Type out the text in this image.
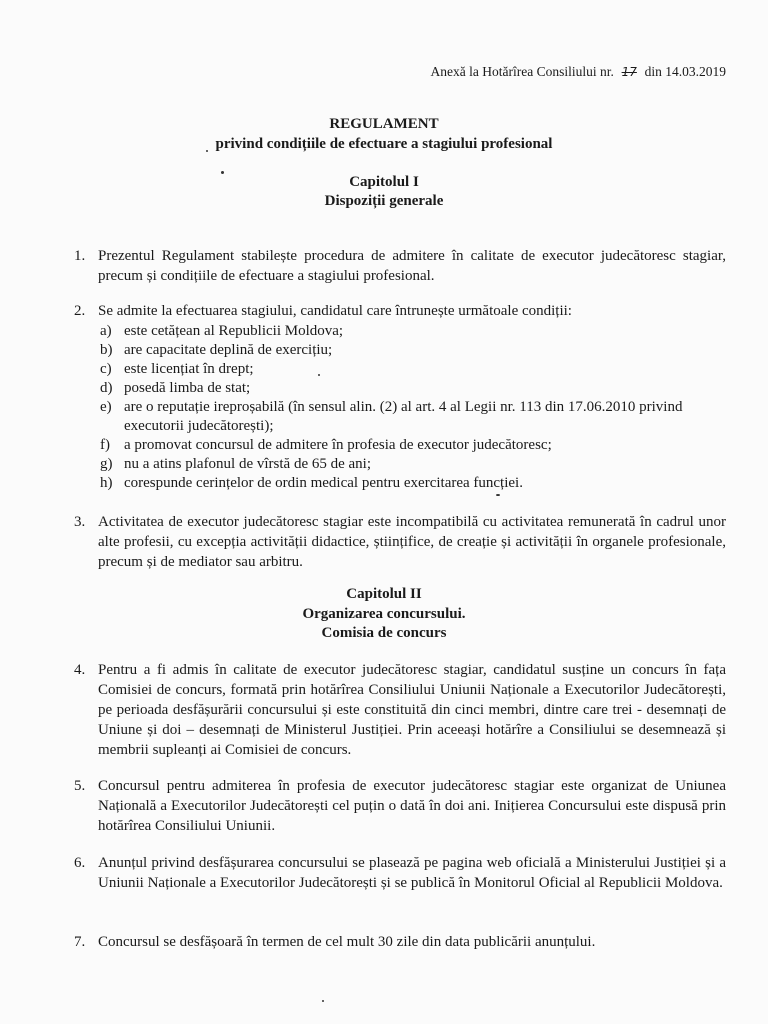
Anexă la Hotărîrea Consiliului nr. 17 din 14.03.2019
REGULAMENT
privind condițiile de efectuare a stagiului profesional
Capitolul I
Dispoziții generale
1. Prezentul Regulament stabilește procedura de admitere în calitate de executor judecătoresc stagiar, precum și condițiile de efectuare a stagiului profesional.
2. Se admite la efectuarea stagiului, candidatul care întrunește următoale condiții:
a) este cetățean al Republicii Moldova;
b) are capacitate deplină de exercițiu;
c) este licențiat în drept;
d) posedă limba de stat;
e) are o reputație ireproșabilă (în sensul alin. (2) al art. 4 al Legii nr. 113 din 17.06.2010 privind executorii judecătorești);
f) a promovat concursul de admitere în profesia de executor judecătoresc;
g) nu a atins plafonul de vîrstă de 65 de ani;
h) corespunde cerințelor de ordin medical pentru exercitarea funcției.
3. Activitatea de executor judecătoresc stagiar este incompatibilă cu activitatea remunerată în cadrul unor alte profesii, cu excepția activității didactice, științifice, de creație și activității în organele profesionale, precum și de mediator sau arbitru.
Capitolul II
Organizarea concursului.
Comisia de concurs
4. Pentru a fi admis în calitate de executor judecătoresc stagiar, candidatul susține un concurs în fața Comisiei de concurs, formată prin hotărîrea Consiliului Uniunii Naționale a Executorilor Judecătorești, pe perioada desfășurării concursului și este constituită din cinci membri, dintre care trei - desemnați de Uniune și doi – desemnați de Ministerul Justiției. Prin aceeași hotărîre a Consiliului se desemnează și membrii supleanți ai Comisiei de concurs.
5. Concursul pentru admiterea în profesia de executor judecătoresc stagiar este organizat de Uniunea Națională a Executorilor Judecătorești cel puțin o dată în doi ani. Inițierea Concursului este dispusă prin hotărîrea Consiliului Uniunii.
6. Anunțul privind desfășurarea concursului se plasează pe pagina web oficială a Ministerului Justiției și a Uniunii Naționale a Executorilor Judecătorești și se publică în Monitorul Oficial al Republicii Moldova.
7. Concursul se desfășoară în termen de cel mult 30 zile din data publicării anunțului.
